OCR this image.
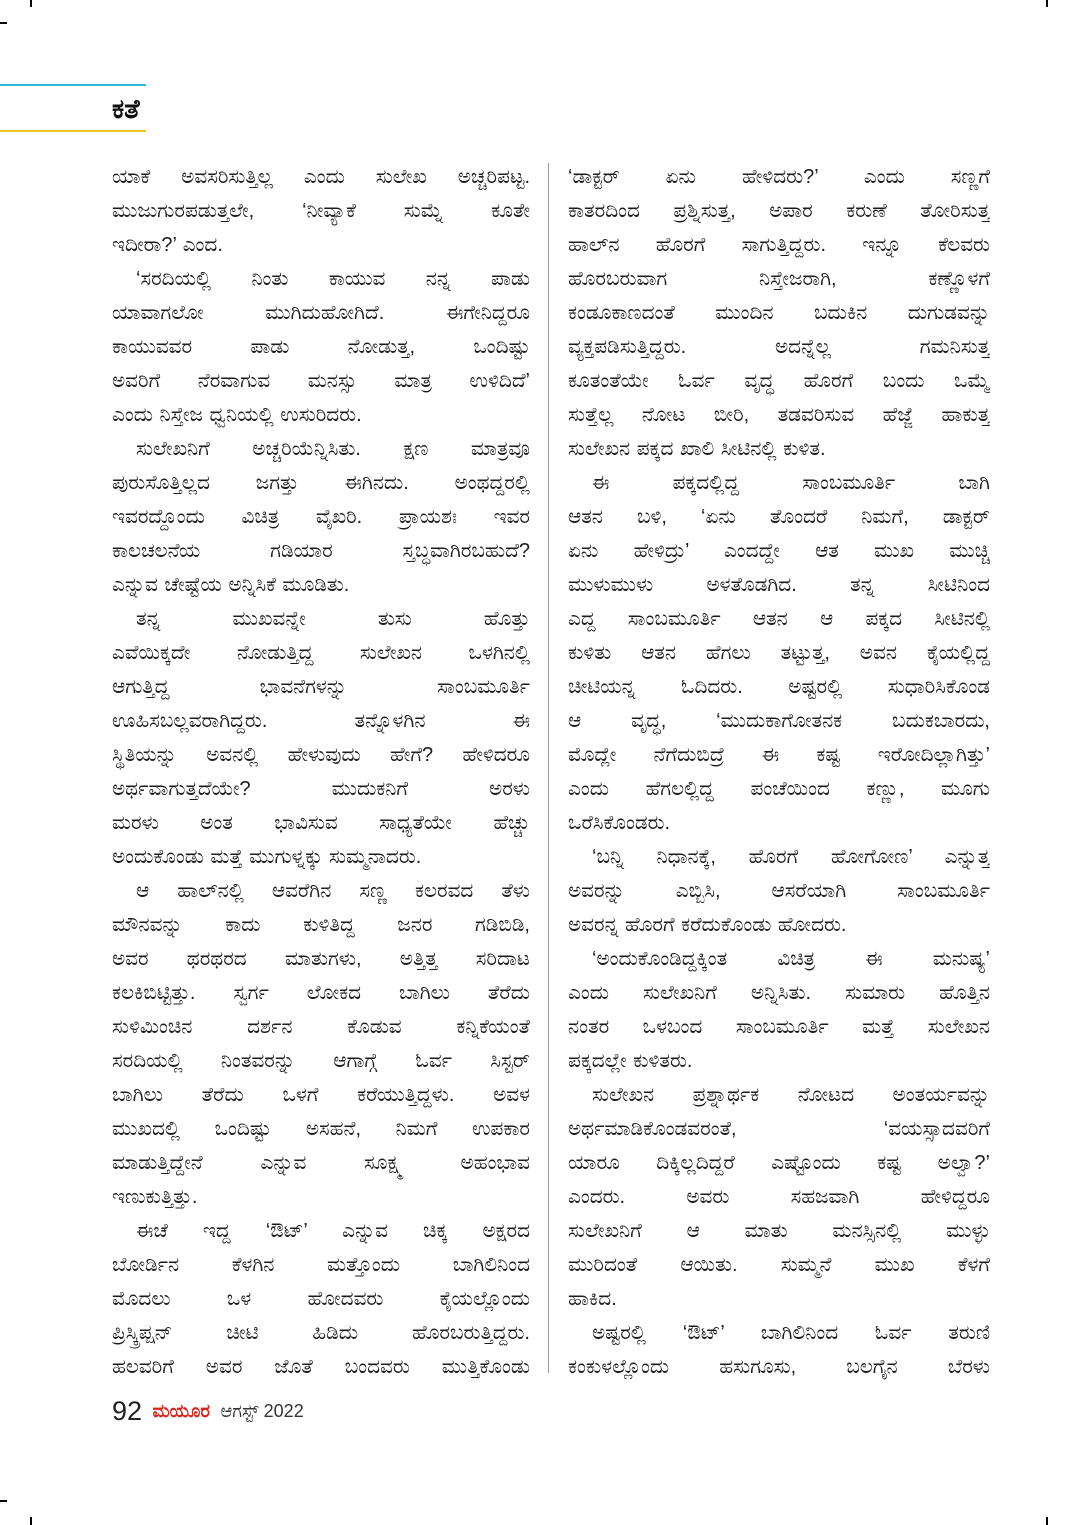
ಕತೆ
ಯಾಕೆ ಅವಸರಿಸುತ್ತಿಲ್ಲ ಎಂದು ಸುಲೇಖ ಅಚ್ಚರಿಪಟ್ಟ.
ಮುಜುಗುರಪಡುತ್ತಲೇ, ‘ನೀವ್ಯಾಕೆ ಸುಮ್ನೆ ಕೂತೇ
ಇದೀರಾ?’ ಎಂದ.
‘ಸರದಿಯಲ್ಲಿ ನಿಂತು ಕಾಯುವ ನನ್ನ ಪಾಡು
ಯಾವಾಗಲೋ ಮುಗಿದುಹೋಗಿದೆ. ಈಗೇನಿದ್ದರೂ
ಕಾಯುವವರ ಪಾಡು ನೋಡುತ್ತ, ಒಂದಿಷ್ಟು
ಅವರಿಗೆ ನೆರವಾಗುವ ಮನಸ್ಸು ಮಾತ್ರ ಉಳಿದಿದೆ’
ಎಂದು ನಿಸ್ತೇಜ ಧ್ವನಿಯಲ್ಲಿ ಉಸುರಿದರು.
ಸುಲೇಖನಿಗೆ ಅಚ್ಚರಿಯೆನ್ನಿಸಿತು. ಕ್ಷಣ ಮಾತ್ರವೂ
ಪುರುಸೊತ್ತಿಲ್ಲದ ಜಗತ್ತು ಈಗಿನದು. ಅಂಥದ್ದರಲ್ಲಿ
ಇವರದ್ದೊಂದು ವಿಚಿತ್ರ ವೈಖರಿ. ಪ್ರಾಯಶಃ ಇವರ
ಕಾಲಚಲನೆಯ ಗಡಿಯಾರ ಸ್ತಬ್ಧವಾಗಿರಬಹುದೆ?
ಎನ್ನುವ ಚೇಷ್ಟೆಯ ಅನ್ನಿಸಿಕೆ ಮೂಡಿತು.
ತನ್ನ ಮುಖವನ್ನೇ ತುಸು ಹೊತ್ತು
ಎವೆಯಿಕ್ಕದೇ ನೋಡುತ್ತಿದ್ದ ಸುಲೇಖನ ಒಳಗಿನಲ್ಲಿ
ಆಗುತ್ತಿದ್ದ ಭಾವನೆಗಳನ್ನು ಸಾಂಬಮೂರ್ತಿ
ಊಹಿಸಬಲ್ಲವರಾಗಿದ್ದರು. ತನ್ನೊಳಗಿನ ಈ
ಸ್ಥಿತಿಯನ್ನು ಅವನಲ್ಲಿ ಹೇಳುವುದು ಹೇಗೆ? ಹೇಳಿದರೂ
ಅರ್ಥವಾಗುತ್ತದೆಯೇ? ಮುದುಕನಿಗೆ ಅರಳು
ಮರಳು ಅಂತ ಭಾವಿಸುವ ಸಾಧ್ಯತೆಯೇ ಹೆಚ್ಚು
ಅಂದುಕೊಂಡು ಮತ್ತೆ ಮುಗುಳ್ನಕ್ಕು ಸುಮ್ಮನಾದರು.
ಆ ಹಾಲ್‌ನಲ್ಲಿ ಆವರೆಗಿನ ಸಣ್ಣ ಕಲರವದ ತೆಳು
ಮೌನವನ್ನು ಕಾದು ಕುಳಿತಿದ್ದ ಜನರ ಗಡಿಬಿಡಿ,
ಅವರ ಥರಥರದ ಮಾತುಗಳು, ಅತ್ತಿತ್ತ ಸರಿದಾಟ
ಕಲಕಿಬಿಟ್ಟಿತ್ತು. ಸ್ವರ್ಗ ಲೋಕದ ಬಾಗಿಲು ತೆರೆದು
ಸುಳಿಮಿಂಚಿನ ದರ್ಶನ ಕೊಡುವ ಕನ್ನಿಕೆಯಂತೆ
ಸರದಿಯಲ್ಲಿ ನಿಂತವರನ್ನು ಆಗಾಗ್ಗೆ ಓರ್ವ ಸಿಸ್ಟರ್
ಬಾಗಿಲು ತೆರೆದು ಒಳಗೆ ಕರೆಯುತ್ತಿದ್ದಳು. ಅವಳ
ಮುಖದಲ್ಲಿ ಒಂದಿಷ್ಟು ಅಸಹನೆ, ನಿಮಗೆ ಉಪಕಾರ
ಮಾಡುತ್ತಿದ್ದೇನೆ ಎನ್ನುವ ಸೂಕ್ಷ್ಮ ಅಹಂಭಾವ
ಇಣುಕುತ್ತಿತ್ತು.
ಈಚೆ ಇದ್ದ ‘ಔಟ್’ ಎನ್ನುವ ಚಿಕ್ಕ ಅಕ್ಷರದ
ಬೋರ್ಡಿನ ಕೆಳಗಿನ ಮತ್ತೊಂದು ಬಾಗಿಲಿನಿಂದ
ಮೊದಲು ಒಳ ಹೋದವರು ಕೈಯಲ್ಲೊಂದು
ಪ್ರಿಸ್ಕ್ರಿಪ್ಷನ್ ಚೀಟಿ ಹಿಡಿದು ಹೊರಬರುತ್ತಿದ್ದರು.
ಹಲವರಿಗೆ ಅವರ ಜೊತೆ ಬಂದವರು ಮುತ್ತಿಕೊಂಡು
‘ಡಾಕ್ಟರ್ ಏನು ಹೇಳಿದರು?’ ಎಂದು ಸಣ್ಣಗೆ
ಕಾತರದಿಂದ ಪ್ರಶ್ನಿಸುತ್ತ, ಅಪಾರ ಕರುಣೆ ತೋರಿಸುತ್ತ
ಹಾಲ್‌ನ ಹೊರಗೆ ಸಾಗುತ್ತಿದ್ದರು. ಇನ್ನೂ ಕೆಲವರು
ಹೊರಬರುವಾಗ ನಿಸ್ತೇಜರಾಗಿ, ಕಣ್ಣೊಳಗೆ
ಕಂಡೂಕಾಣದಂತೆ ಮುಂದಿನ ಬದುಕಿನ ದುಗುಡವನ್ನು
ವ್ಯಕ್ತಪಡಿಸುತ್ತಿದ್ದರು. ಅದನ್ನೆಲ್ಲ ಗಮನಿಸುತ್ತ
ಕೂತಂತೆಯೇ ಓರ್ವ ವೃದ್ಧ ಹೊರಗೆ ಬಂದು ಒಮ್ಮೆ
ಸುತ್ತೆಲ್ಲ ನೋಟ ಬೀರಿ, ತಡವರಿಸುವ ಹೆಜ್ಜೆ ಹಾಕುತ್ತ
ಸುಲೇಖನ ಪಕ್ಕದ ಖಾಲಿ ಸೀಟಿನಲ್ಲಿ ಕುಳಿತ.
ಈ ಪಕ್ಕದಲ್ಲಿದ್ದ ಸಾಂಬಮೂರ್ತಿ ಬಾಗಿ
ಆತನ ಬಳಿ, ‘ಏನು ತೊಂದರೆ ನಿಮಗೆ, ಡಾಕ್ಟರ್
ಏನು ಹೇಳಿದ್ರು’ ಎಂದದ್ದೇ ಆತ ಮುಖ ಮುಚ್ಚಿ
ಮುಳುಮುಳು ಅಳತೊಡಗಿದ. ತನ್ನ ಸೀಟಿನಿಂದ
ಎದ್ದ ಸಾಂಬಮೂರ್ತಿ ಆತನ ಆ ಪಕ್ಕದ ಸೀಟಿನಲ್ಲಿ
ಕುಳಿತು ಆತನ ಹೆಗಲು ತಟ್ಟುತ್ತ, ಅವನ ಕೈಯಲ್ಲಿದ್ದ
ಚೀಟಿಯನ್ನ ಓದಿದರು. ಅಷ್ಟರಲ್ಲಿ ಸುಧಾರಿಸಿಕೊಂಡ
ಆ ವೃದ್ಧ, ‘ಮುದುಕಾಗೋತನಕ ಬದುಕಬಾರದು,
ಮೊದ್ಲೇ ನೆಗೆದುಬಿದ್ರೆ ಈ ಕಷ್ಟ ಇರೋದಿಲ್ಲಾಗಿತ್ತು’
ಎಂದು ಹೆಗಲಲ್ಲಿದ್ದ ಪಂಚೆಯಿಂದ ಕಣ್ಣು, ಮೂಗು
ಒರೆಸಿಕೊಂಡರು.
‘ಬನ್ನಿ ನಿಧಾನಕ್ಕೆ, ಹೊರಗೆ ಹೋಗೋಣ’ ಎನ್ನುತ್ತ
ಅವರನ್ನು ಎಬ್ಬಿಸಿ, ಆಸರೆಯಾಗಿ ಸಾಂಬಮೂರ್ತಿ
ಅವರನ್ನ ಹೊರಗೆ ಕರೆದುಕೊಂಡು ಹೋದರು.
‘ಅಂದುಕೊಂಡಿದ್ದಕ್ಕಿಂತ ವಿಚಿತ್ರ ಈ ಮನುಷ್ಯ’
ಎಂದು ಸುಲೇಖನಿಗೆ ಅನ್ನಿಸಿತು. ಸುಮಾರು ಹೊತ್ತಿನ
ನಂತರ ಒಳಬಂದ ಸಾಂಬಮೂರ್ತಿ ಮತ್ತೆ ಸುಲೇಖನ
ಪಕ್ಕದಲ್ಲೇ ಕುಳಿತರು.
ಸುಲೇಖನ ಪ್ರಶ್ನಾರ್ಥಕ ನೋಟದ ಅಂತರ್ಯವನ್ನು
ಅರ್ಥಮಾಡಿಕೊಂಡವರಂತೆ, ‘ವಯಸ್ಸಾದವರಿಗೆ
ಯಾರೂ ದಿಕ್ಕಿಲ್ಲದಿದ್ದರೆ ಎಷ್ಟೊಂದು ಕಷ್ಟ ಅಲ್ವಾ?’
ಎಂದರು. ಅವರು ಸಹಜವಾಗಿ ಹೇಳಿದ್ದರೂ
ಸುಲೇಖನಿಗೆ ಆ ಮಾತು ಮನಸ್ಸಿನಲ್ಲಿ ಮುಳ್ಳು
ಮುರಿದಂತೆ ಆಯಿತು. ಸುಮ್ಮನೆ ಮುಖ ಕೆಳಗೆ
ಹಾಕಿದ.
ಅಷ್ಟರಲ್ಲಿ ‘ಔಟ್’ ಬಾಗಿಲಿನಿಂದ ಓರ್ವ ತರುಣಿ
ಕಂಕುಳಲ್ಲೊಂದು ಹಸುಗೂಸು, ಬಲಗೈನ ಬೆರಳು
92 ಮಯೂರ ಆಗಸ್ಟ್ 2022
